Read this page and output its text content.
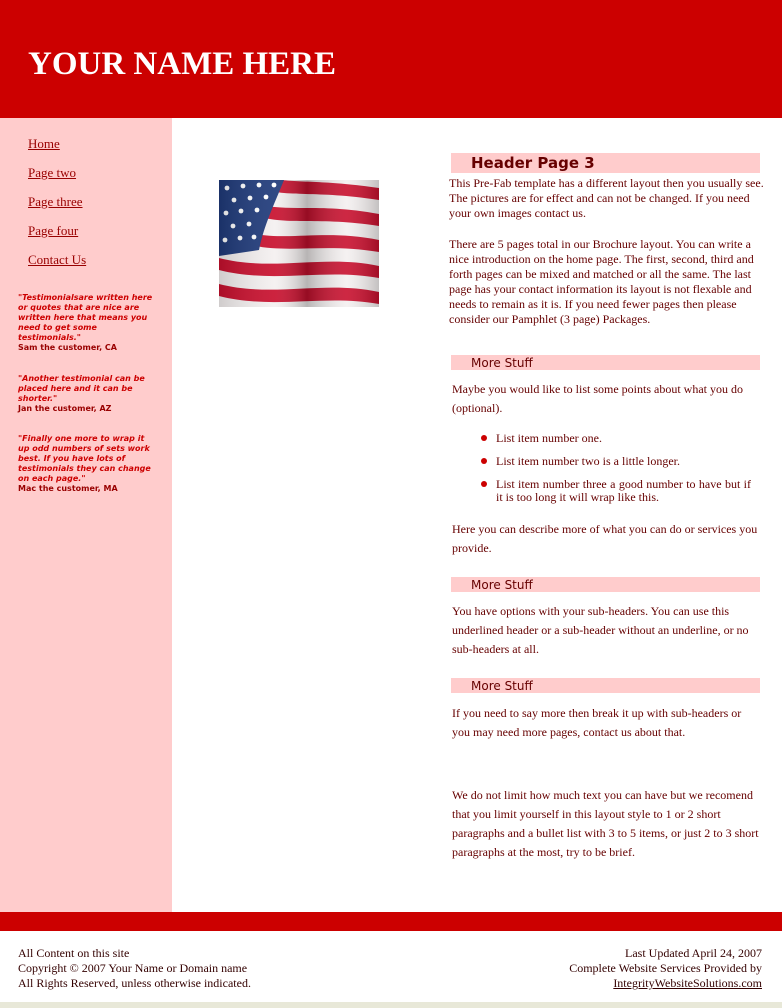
YOUR NAME HERE
Home
Page two
Page three
Page four
Contact Us
"Testimonialsare written here or quotes that are nice are written here that means you need to get some testimonials."
Sam the customer, CA
"Another testimonial can be placed here and it can be shorter."
Jan the customer, AZ
"Finally one more to wrap it up odd numbers of sets work best. If you have lots of testimonials they can change on each page."
Mac the customer, MA
Header Page 3

This Pre-Fab template has a different layout then you usually see. The pictures are for effect and can not be changed. If you need your own images contact us.

There are 5 pages total in our Brochure layout. You can write a nice introduction on the home page. The first, second, third and forth pages can be mixed and matched or all the same. The last page has your contact information its layout is not flexable and needs to remain as it is. If you need fewer pages then please consider our Pamphlet (3 page) Packages.

More Stuff

Maybe you would like to list some points about what you do (optional).

List item number one.
List item number two is a little longer.
List item number three a good number to have but if it is too long it will wrap like this.

Here you can describe more of what you can do or services you provide.

More Stuff

You have options with your sub-headers. You can use this underlined header or a sub-header without an underline, or no sub-headers at all.

More Stuff

If you need to say more then break it up with sub-headers or you may need more pages, contact us about that.

We do not limit how much text you can have but we recomend that you limit yourself in this layout style to 1 or 2 short paragraphs and a bullet list with 3 to 5 items, or just 2 to 3 short paragraphs at the most, try to be brief.

All Content on this site
Copyright © 2007 Your Name or Domain name
All Rights Reserved, unless otherwise indicated.
Last Updated April 24, 2007
Complete Website Services Provided by
IntegrityWebsiteSolutions.com
